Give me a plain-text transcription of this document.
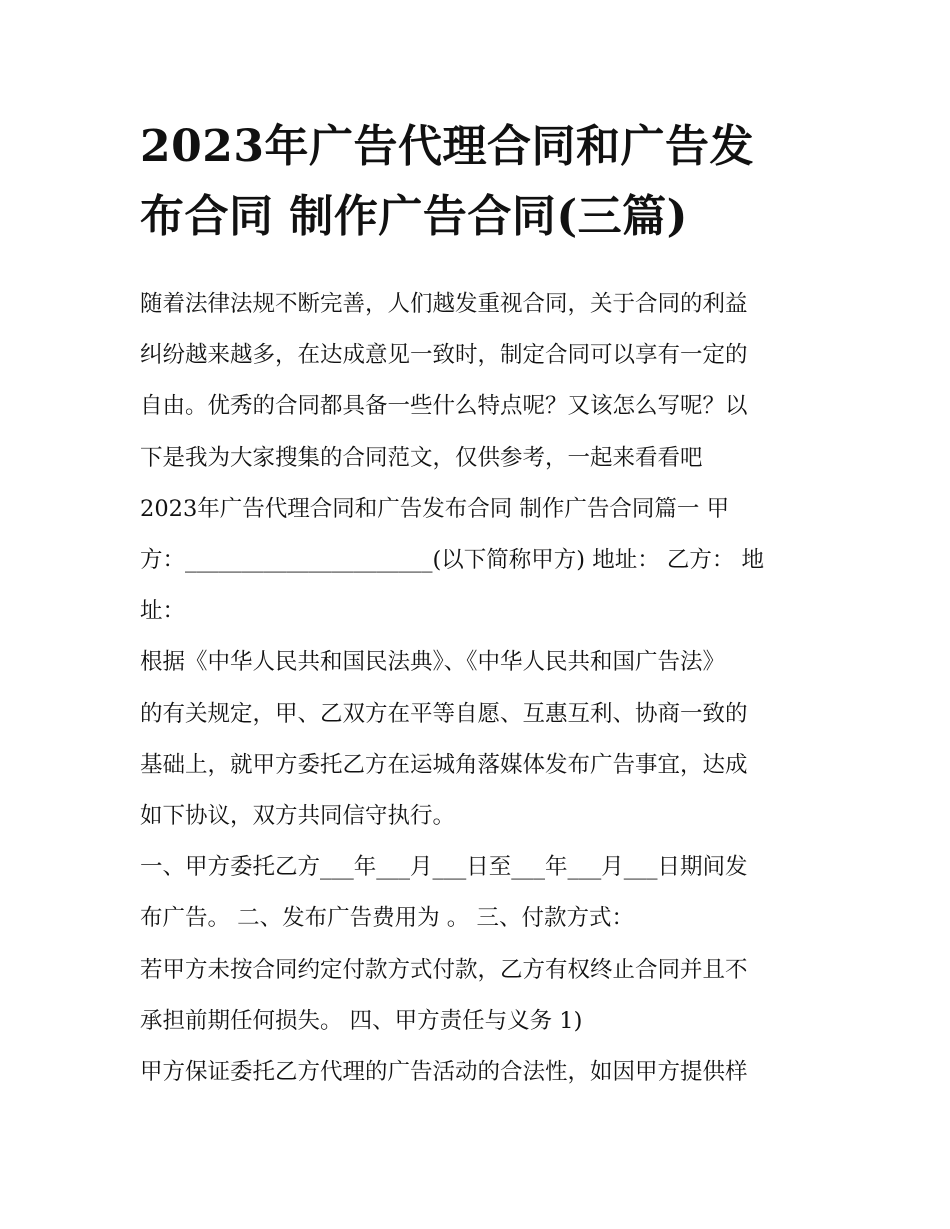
2023年广告代理合同和广告发
布合同 制作广告合同(三篇)
随着法律法规不断完善，人们越发重视合同，关于合同的利益
纠纷越来越多，在达成意见一致时，制定合同可以享有一定的
自由。优秀的合同都具备一些什么特点呢？又该怎么写呢？以
下是我为大家搜集的合同范文，仅供参考，一起来看看吧
2023年广告代理合同和广告发布合同 制作广告合同篇一 甲
方：______________________(以下简称甲方) 地址： 乙方： 地
址：
根据《中华人民共和国民法典》、《中华人民共和国广告法》
的有关规定，甲、乙双方在平等自愿、互惠互利、协商一致的
基础上，就甲方委托乙方在运城角落媒体发布广告事宜，达成
如下协议，双方共同信守执行。
一、甲方委托乙方___年___月___日至___年___月___日期间发
布广告。 二、发布广告费用为 。 三、付款方式：
若甲方未按合同约定付款方式付款，乙方有权终止合同并且不
承担前期任何损失。 四、甲方责任与义务 1)
甲方保证委托乙方代理的广告活动的合法性，如因甲方提供样
